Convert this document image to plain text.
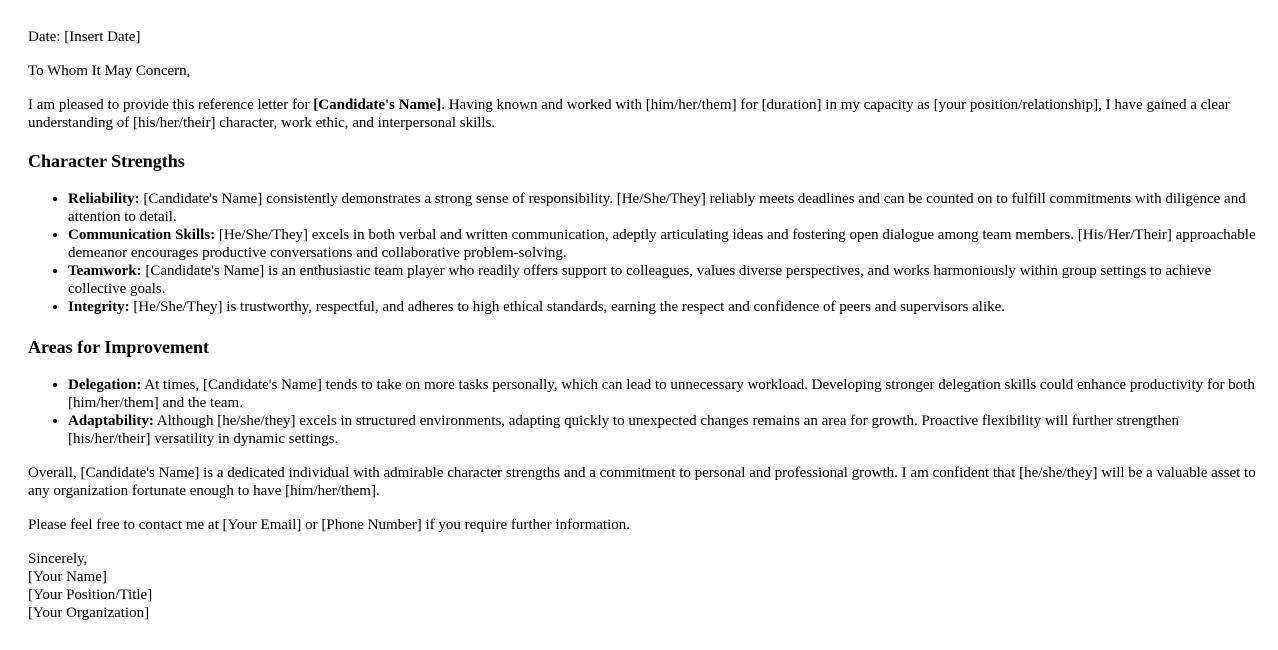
Date: [Insert Date]

To Whom It May Concern,

I am pleased to provide this reference letter for [Candidate's Name]. Having known and worked with [him/her/them] for [duration] in my capacity as [your position/relationship], I have gained a clear understanding of [his/her/their] character, work ethic, and interpersonal skills.

Character Strengths
• Reliability: [Candidate's Name] consistently demonstrates a strong sense of responsibility. [He/She/They] reliably meets deadlines and can be counted on to fulfill commitments with diligence and attention to detail.
• Communication Skills: [He/She/They] excels in both verbal and written communication, adeptly articulating ideas and fostering open dialogue among team members. [His/Her/Their] approachable demeanor encourages productive conversations and collaborative problem-solving.
• Teamwork: [Candidate's Name] is an enthusiastic team player who readily offers support to colleagues, values diverse perspectives, and works harmoniously within group settings to achieve collective goals.
• Integrity: [He/She/They] is trustworthy, respectful, and adheres to high ethical standards, earning the respect and confidence of peers and supervisors alike.
Areas for Improvement
• Delegation: At times, [Candidate's Name] tends to take on more tasks personally, which can lead to unnecessary workload. Developing stronger delegation skills could enhance productivity for both [him/her/them] and the team.
• Adaptability: Although [he/she/they] excels in structured environments, adapting quickly to unexpected changes remains an area for growth. Proactive flexibility will further strengthen [his/her/their] versatility in dynamic settings.

Overall, [Candidate's Name] is a dedicated individual with admirable character strengths and a commitment to personal and professional growth. I am confident that [he/she/they] will be a valuable asset to any organization fortunate enough to have [him/her/them].

Please feel free to contact me at [Your Email] or [Phone Number] if you require further information.

Sincerely,
[Your Name]
[Your Position/Title]
[Your Organization]
